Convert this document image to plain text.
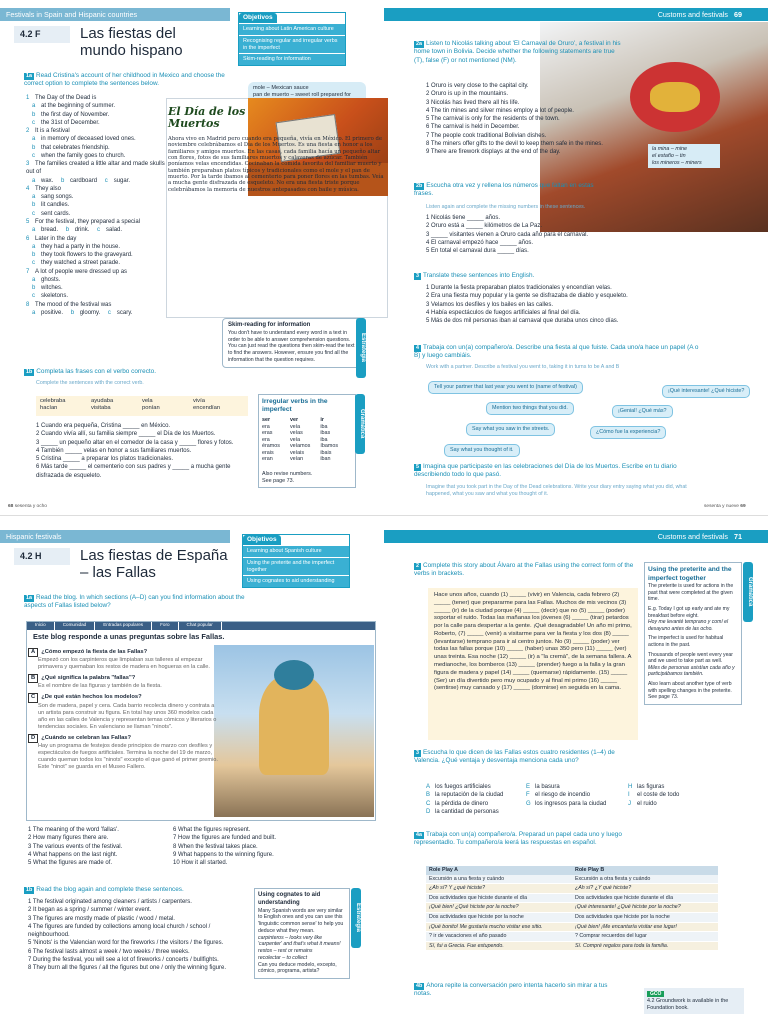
Festivals in Spain and Hispanic countries	Customs and festivals 69
4.2 F	Las fiestas del mundo hispano
Objetivos
Learning about Latin American culture
Recognising regular and irregular verbs in the imperfect
Skim-reading for information
1a Read Cristina's account of her childhood in Mexico and choose the correct option to complete the sentences below.
1 The Day of the Dead is
a at the beginning of summer.
b the first day of November.
c the 31st of December.
2 It is a festival
a in memory of deceased loved ones.
b that celebrates friendship.
c when the family goes to church.
3 The families created a little altar and made skulls out of
a wax. b cardboard c sugar.
4 They also
a sang songs.
b lit candles.
c sent cards.
5 For the festival, they prepared a special
a bread. b drink. c salad.
6 Later in the day
a they had a party in the house.
b they took flowers to the graveyard.
c they watched a street parade.
7 A lot of people were dressed up as
a ghosts.
b witches.
c skeletons.
8 The mood of the festival was
a positive. b gloomy. c scary.
mole – Mexican sauce
pan de muerto – sweet roll prepared for
El Día de los Muertos
Ahora vivo en Madrid pero cuando era pequeña, vivía en México. El primero de noviembre celebrábamos el Día de los Muertos. Es una fiesta en honor a los familiares y amigos muertos. En las casas, cada familia hacía un pequeño altar con flores, fotos de sus familiares muertos y calaveras de azúcar. También poníamos velas encendidas. Cocinaban la comida favorita del familiar muerto y también preparaban platos típicos y tradicionales como el mole y el pan de muerto. Por la tarde íbamos al cementerio para poner flores en las tumbas. Veía a mucha gente disfrazada de esqueleto. No era una fiesta triste porque celebrábamos la memoria de nuestros antepasados con baile y música.
1b Completa las frases con el verbo correcto.
Complete the sentences with the correct verb.
celebraba	ayudaba	vela	vivía
hacían	visitaba	ponían	encendían
1 Cuando era pequeña, Cristina _____ en México.
2 Cuando vivía allí, su familia siempre _____ el Día de los Muertos.
3 _____ un pequeño altar en el comedor de la casa y _____ flores y fotos.
4 También _____ velas en honor a sus familiares muertos.
5 Cristina _____ a preparar los platos tradicionales.
6 Más tarde _____ el cementerio con sus padres y _____ a mucha gente disfrazada de esqueleto.
Skim-reading for information
You don't have to understand every word in a text in order to be able to answer comprehension questions. You can just read the questions then skim-read the text to find the answers. However, ensure you find all the information that the question requires.	Estrategia
Irregular verbs in the imperfect
ser	ver	ir
era	veía	iba
eras	veías	ibas
era	veía	iba
éramos	veíamos	íbamos
erais	veíais	ibais
eran	veían	iban
Also revise numbers.
See page 73.
Gramática
la mina – mine
el estaño – tin
los mineros – miners
2a Listen to Nicolás talking about 'El Carnaval de Oruro', a festival in his home town in Bolivia. Decide whether the following statements are true (T), false (F) or not mentioned (NM).
1 Oruro is very close to the capital city.
2 Oruro is up in the mountains.
3 Nicolás has lived there all his life.
4 The tin mines and silver mines employ a lot of people.
5 The carnival is only for the residents of the town.
6 The carnival is held in December.
7 The people cook traditional Bolivian dishes.
8 The miners offer gifts to the devil to keep them safe in the mines.
9 There are firework displays at the end of the day.
2b Escucha otra vez y rellena los números que faltan en estas frases.
Listen again and complete the missing numbers in these sentences.
1 Nicolás tiene _____ años.
2 Oruro está a _____ kilómetros de La Paz.
3 _____ visitantes vienen a Oruro cada año para el carnaval.
4 El carnaval empezó hace _____ años.
5 En total el carnaval dura _____ días.
3 Translate these sentences into English.
1 Durante la fiesta preparaban platos tradicionales y encendían velas.
2 Era una fiesta muy popular y la gente se disfrazaba de diablo y esqueleto.
3 Velamos los desfiles y los bailes en las calles.
4 Había espectáculos de fuegos artificiales al final del día.
5 Más de dos mil personas iban al carnaval que duraba unos cinco días.
4 Trabaja con un(a) compañero/a. Describe una fiesta al que fuiste. Cada uno/a hace un papel (A o B) y luego cambiáis.
Work with a partner. Describe a festival you went to, taking it in turns to be A and B
Tell your partner that last year you went to (name of festival)
¡Qué interesante! ¿Qué hiciste?
Mention two things that you did.	¡Genial! ¿Qué más?
Say what you saw in the streets.	¿Cómo fue la experiencia?
Say what you thought of it.
5 Imagina que participaste en las celebraciones del Día de los Muertos. Escribe en tu diario describiendo todo lo que pasó.
Imagine that you took part in the Day of the Dead celebrations. Write your diary entry saying what you did, what happened, what you saw and what you thought of it.
68 sesenta y ocho	sesenta y nueve 69
Hispanic festivals	Customs and festivals 71
4.2 H	Las fiestas de España – las Fallas
Objetivos
Learning about Spanish culture
Using the preterite and the imperfect together
Using cognates to aid understanding
1a Read the blog. In which sections (A–D) can you find information about the aspects of Fallas listed below?
Inicio	Comunidad	Entradas populares	Foro	Chat popular
Este blog responde a unas preguntas sobre las Fallas.
A ¿Cómo empezó la fiesta de las Fallas?
Empezó con los carpinteros que limpiaban sus talleres al empezar primavera y quemaban los restos de madera en hogueras en la calle.
B ¿Qué significa la palabra "fallas"?
Es el nombre de las figuras y también de la fiesta.
C ¿De qué están hechos los modelos?
Son de madera, papel y cera. Cada barrio recolecta dinero y contrata a un artista para construir su figura. En total hay unos 360 modelos cada año en las calles de Valencia y representan temas cómicos y literarios o tendencias sociales. En valenciano se llaman "ninots".
D ¿Cuándo se celebran las Fallas?
Hay un programa de festejos desde principios de marzo con desfiles y espectáculos de fuegos artificiales. Termina la noche del 19 de marzo, cuando queman todos los "ninots" excepto el que ganó el primer premio. Este "ninot" se guarda en el Museo Fallero.
1 The meaning of the word 'fallas'.
2 How many figures there are.
3 The various events of the festival.
4 What happens on the last night.
5 What the figures are made of.
6 What the figures represent.
7 How the figures are funded and built.
8 When the festival takes place.
9 What happens to the winning figure.
10 How it all started.
1b Read the blog again and complete these sentences.
1 The festival originated among cleaners / artists / carpenters.
2 It began as a spring / summer / winter event.
3 The figures are mostly made of plastic / wood / metal.
4 The figures are funded by collections among local church / school / neighbourhood.
5 'Ninots' is the Valencian word for the fireworks / the visitors / the figures.
6 The festival lasts almost a week / two weeks / three weeks.
7 During the festival, you will see a lot of fireworks / concerts / bullfights.
8 They burn all the figures / all the figures but one / only the winning figure.
Using cognates to aid understanding
Many Spanish words are very similar to English ones and you can use this 'linguistic common sense' to help you deduce what they mean.
carpinteros – looks very like 'carpenter' and that's what it means!
restos – rest or remains
recolectar – to collect
Can you deduce modelo, excepto, cómico, programa, artista?
Estrategia
2 Complete this story about Álvaro at the Fallas using the correct form of the verbs in brackets.
Hace unos años, cuando (1) _____ (vivir) en Valencia, cada febrero (2) _____ (tener) que prepararme para las Fallas. Muchos de mis vecinos (3) _____ (ir) de la ciudad porque (4) _____ (decir) que no (5) _____ (poder) soportar el ruido. Todas las mañanas los jóvenes (6) _____ (tirar) petardos por la calle para despertar a la gente. ¡Qué desagradable! Un año mi primo, Roberto, (7) _____ (venir) a visitarme para ver la fiesta y los dos (8) _____ (levantarse) temprano para ir al centro juntos. No (9) _____ (poder) ver todas las fallas porque (10) _____ (haber) unas 350 pero (11) _____ (ver) unas treinta. Esa noche (12) _____ (ir) a "la cremà", de la semana fallera. A medianoche, los bomberos (13) _____ (prender) fuego a la falla y la gran figura de madera y papel (14) _____ (quemarse) rápidamente. (15) _____ (Ser) un día divertido pero muy ocupado y al final mi primo (16) _____ (sentirse) muy cansado y (17) _____ (dormirse) en seguida en la cama.
Using the preterite and the imperfect together
The preterite is used for actions in the past that were completed at the given time.
E.g. Today I got up early and ate my breakfast before eight.
Hoy me levanté temprano y comí el desayuno antes de las ocho.
The imperfect is used for habitual actions in the past.
Thousands of people went every year and we used to take part as well.
Miles de personas asistían cada año y participábamos también.
Also learn about another type of verb with spelling changes in the preterite. See page 73.
Gramática
3 Escucha lo que dicen de las Fallas estos cuatro residentes (1–4) de Valencia. ¿Qué ventaja y desventaja menciona cada uno?
A los fuegos artificiales	E la basura	H las figuras
B la reputación de la ciudad	F el riesgo de incendio	I el coste de todo
C la pérdida de dinero	G los ingresos para la ciudad	J el ruido
D la cantidad de personas
4a Trabaja con un(a) compañero/a. Preparad un papel cada uno y luego representadlo. Tu compañero/a leerá las respuestas en español.
Role Play A	Role Play B
Excursión a una fiesta y cuándo	Excursión a otra fiesta y cuándo
¿Ah sí? Y ¿qué hiciste?	¿Ah sí? ¿Y qué hiciste?
Dos actividades que hiciste durante el día	Dos actividades que hiciste durante el día
¡Qué bien! ¿Qué hiciste por la noche?	¡Qué interesante! ¿Qué hiciste por la noche?
Dos actividades que hiciste por la noche	Dos actividades que hiciste por la noche
¡Qué bonito! Me gustaría mucho visitar ese sitio.	¡Qué bien! ¡Me encantaría visitar ese lugar!
? ir de vacaciones el año pasado	? Comprar recuerdos del lugar
Sí, fui a Grecia. Fue estupendo.	Sí. Compré regalos para toda la familia.
4b Ahora repite la conversación pero intenta hacerlo sin mirar a tus notas.	GCO
4.2 Groundwork is available in the Foundation book.
